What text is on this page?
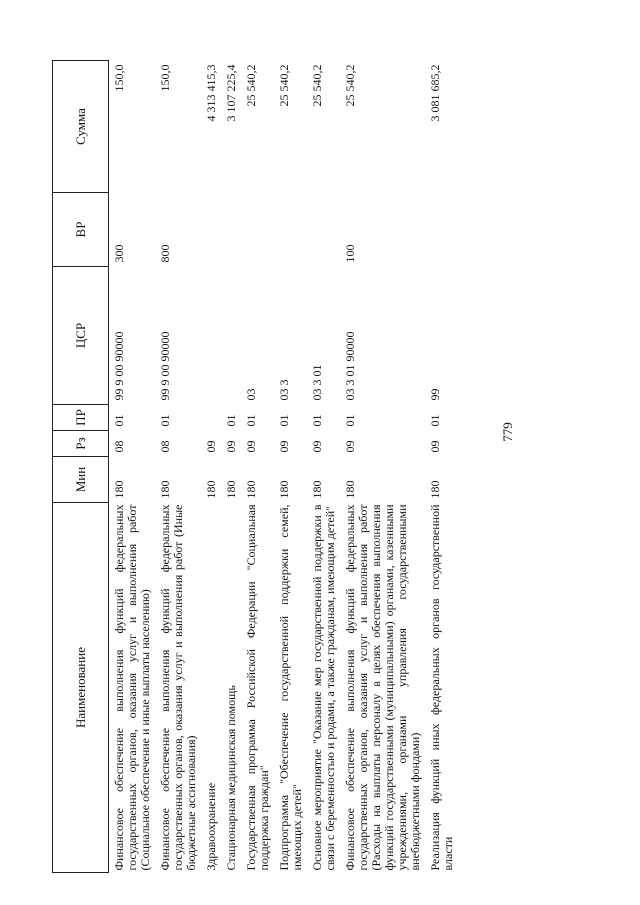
779
Наименование	Мин	Рз	ПР	ЦСР	ВР	Сумма
Финансовое обеспечение выполнения функций федеральных государственных органов, оказания услуг и выполнения работ (Социальное обеспечение и иные выплаты населению)	180	08	01	99 9 00 90000	300	150,0
Финансовое обеспечение выполнения функций федеральных государственных органов, оказания услуг и выполнения работ (Иные бюджетные ассигнования)	180	08	01	99 9 00 90000	800	150,0
Здравоохранение	180	09				4 313 415,3
Стационарная медицинская помощь	180	09	01			3 107 225,4
Государственная программа Российской Федерации "Социальная поддержка граждан"	180	09	01	03		25 540,2
Подпрограмма "Обеспечение государственной поддержки семей, имеющих детей"	180	09	01	03 3		25 540,2
Основное мероприятие "Оказание мер государственной поддержки в связи с беременностью и родами, а также гражданам, имеющим детей"	180	09	01	03 3 01		25 540,2
Финансовое обеспечение выполнения функций федеральных государственных органов, оказания услуг и выполнения работ (Расходы на выплаты персоналу в целях обеспечения выполнения функций государственными (муниципальными) органами, казенными учреждениями, органами управления государственными внебюджетными фондами)	180	09	01	03 3 01 90000	100	25 540,2
Реализация функций иных федеральных органов государственной власти	180	09	01	99		3 081 685,2
